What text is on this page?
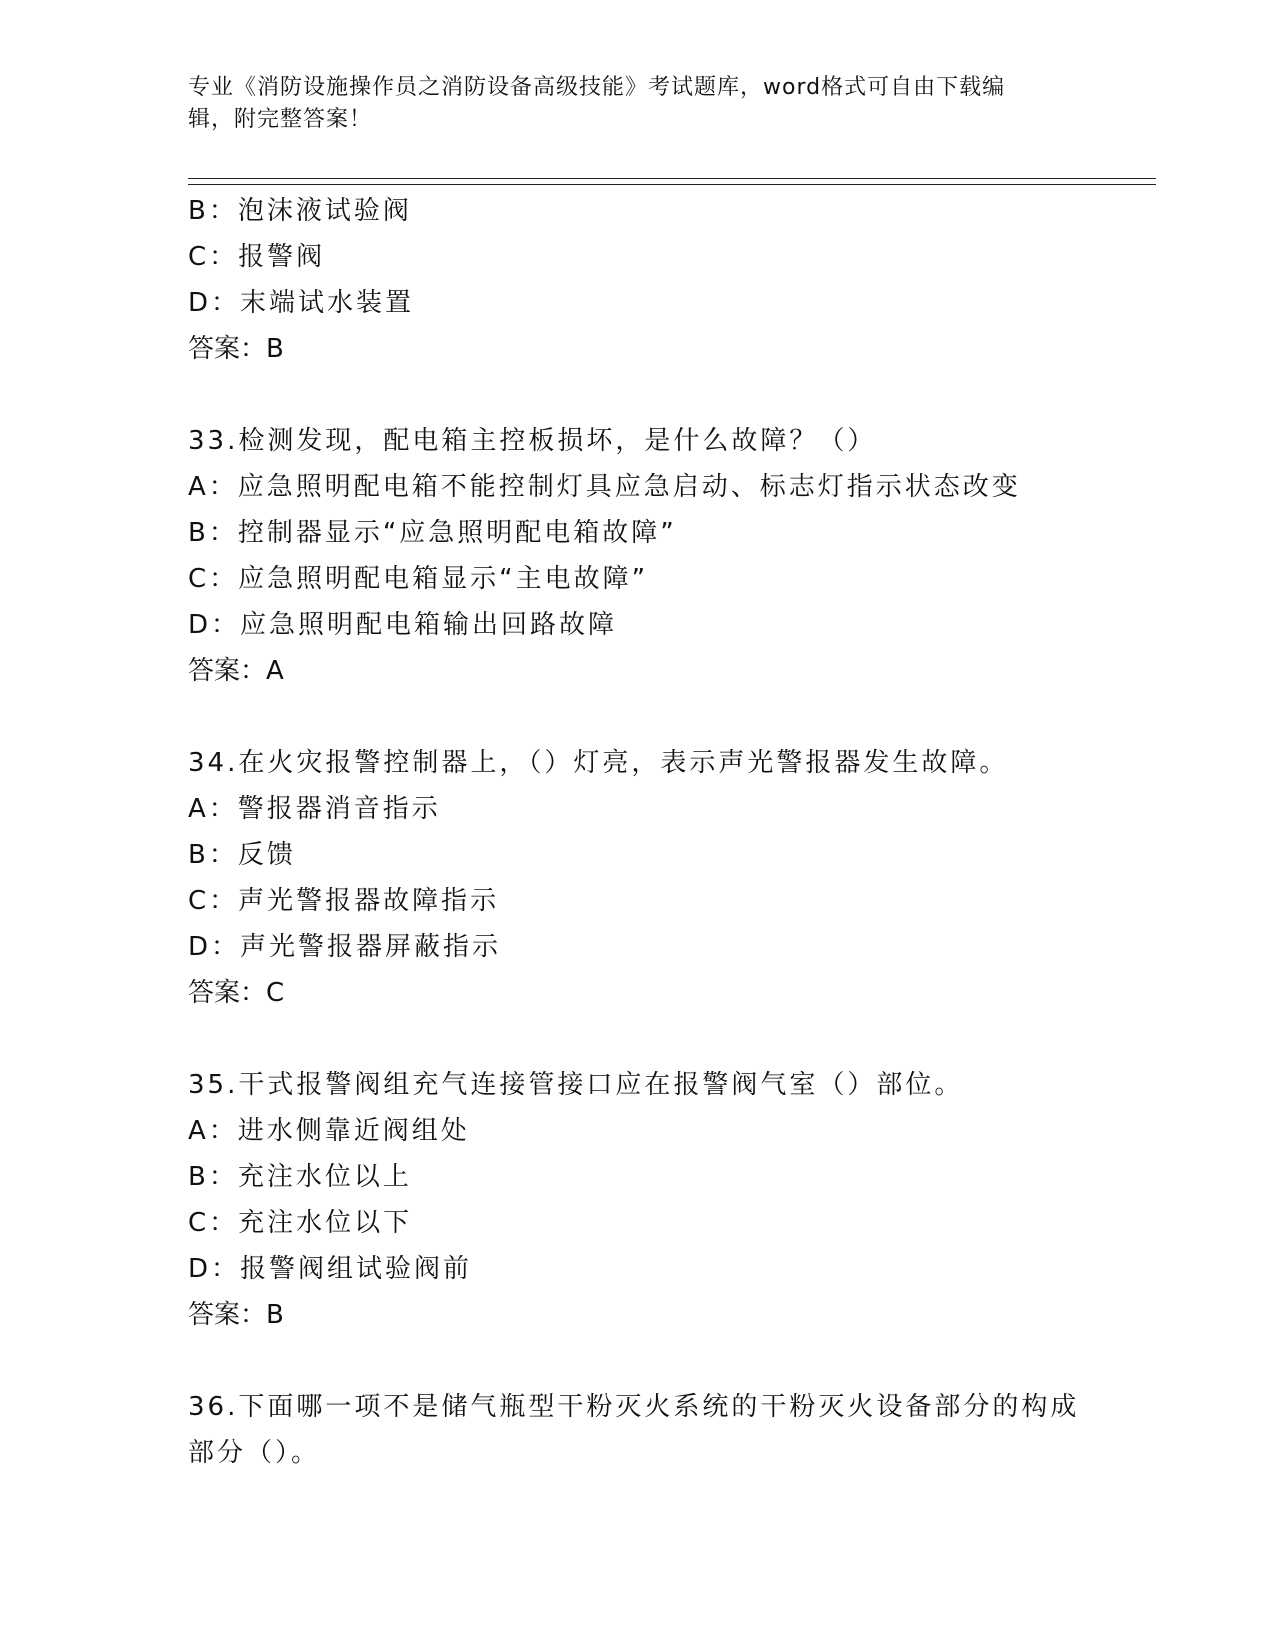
专业《消防设施操作员之消防设备高级技能》考试题库，word格式可自由下载编
辑，附完整答案！
B：泡沫液试验阀
C：报警阀
D：末端试水装置
答案：B
33.检测发现，配电箱主控板损坏，是什么故障？（）
A：应急照明配电箱不能控制灯具应急启动、标志灯指示状态改变
B：控制器显示“应急照明配电箱故障”
C：应急照明配电箱显示“主电故障”
D：应急照明配电箱输出回路故障
答案：A
34.在火灾报警控制器上，（）灯亮，表示声光警报器发生故障。
A：警报器消音指示
B：反馈
C：声光警报器故障指示
D：声光警报器屏蔽指示
答案：C
35.干式报警阀组充气连接管接口应在报警阀气室（）部位。
A：进水侧靠近阀组处
B：充注水位以上
C：充注水位以下
D：报警阀组试验阀前
答案：B
36.下面哪一项不是储气瓶型干粉灭火系统的干粉灭火设备部分的构成
部分（）。
